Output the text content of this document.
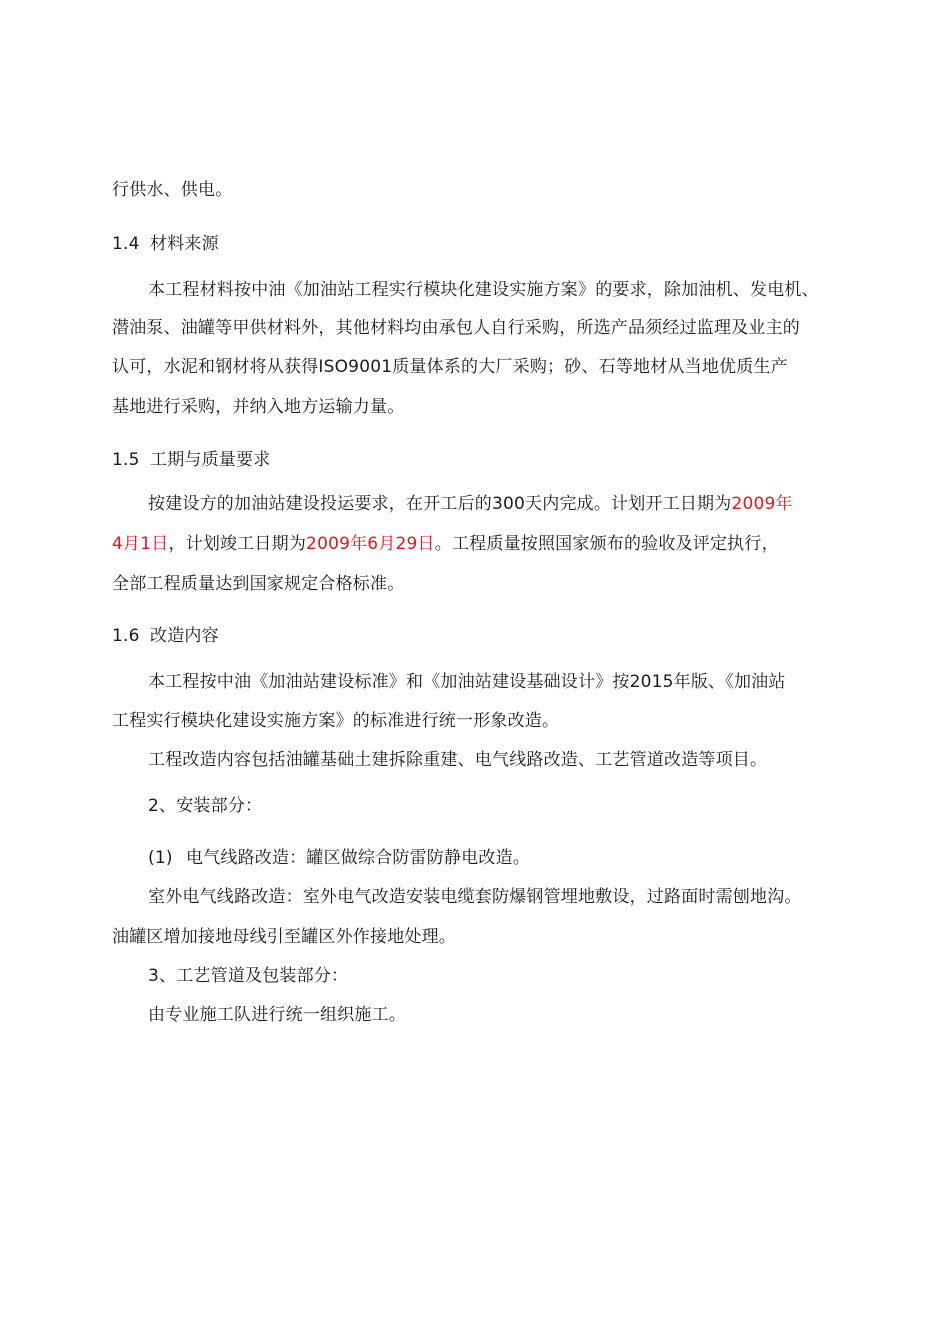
行供水、供电。
1.4 材料来源
本工程材料按中油《加油站工程实行模块化建设实施方案》的要求，除加油机、发电机、
潜油泵、油罐等甲供材料外，其他材料均由承包人自行采购，所选产品须经过监理及业主的
认可，水泥和钢材将从获得ISO9001质量体系的大厂采购；砂、石等地材从当地优质生产
基地进行采购，并纳入地方运输力量。
1.5 工期与质量要求
按建设方的加油站建设投运要求，在开工后的300天内完成。计划开工日期为2009年
4月1日，计划竣工日期为2009年6月29日。工程质量按照国家颁布的验收及评定执行，
全部工程质量达到国家规定合格标准。
1.6 改造内容
本工程按中油《加油站建设标准》和《加油站建设基础设计》按2015年版、《加油站
工程实行模块化建设实施方案》的标准进行统一形象改造。
工程改造内容包括油罐基础土建拆除重建、电气线路改造、工艺管道改造等项目。
2、安装部分：
(1) 电气线路改造：罐区做综合防雷防静电改造。
室外电气线路改造：室外电气改造安装电缆套防爆钢管埋地敷设，过路面时需刨地沟。
油罐区增加接地母线引至罐区外作接地处理。
3、工艺管道及包装部分：
由专业施工队进行统一组织施工。
